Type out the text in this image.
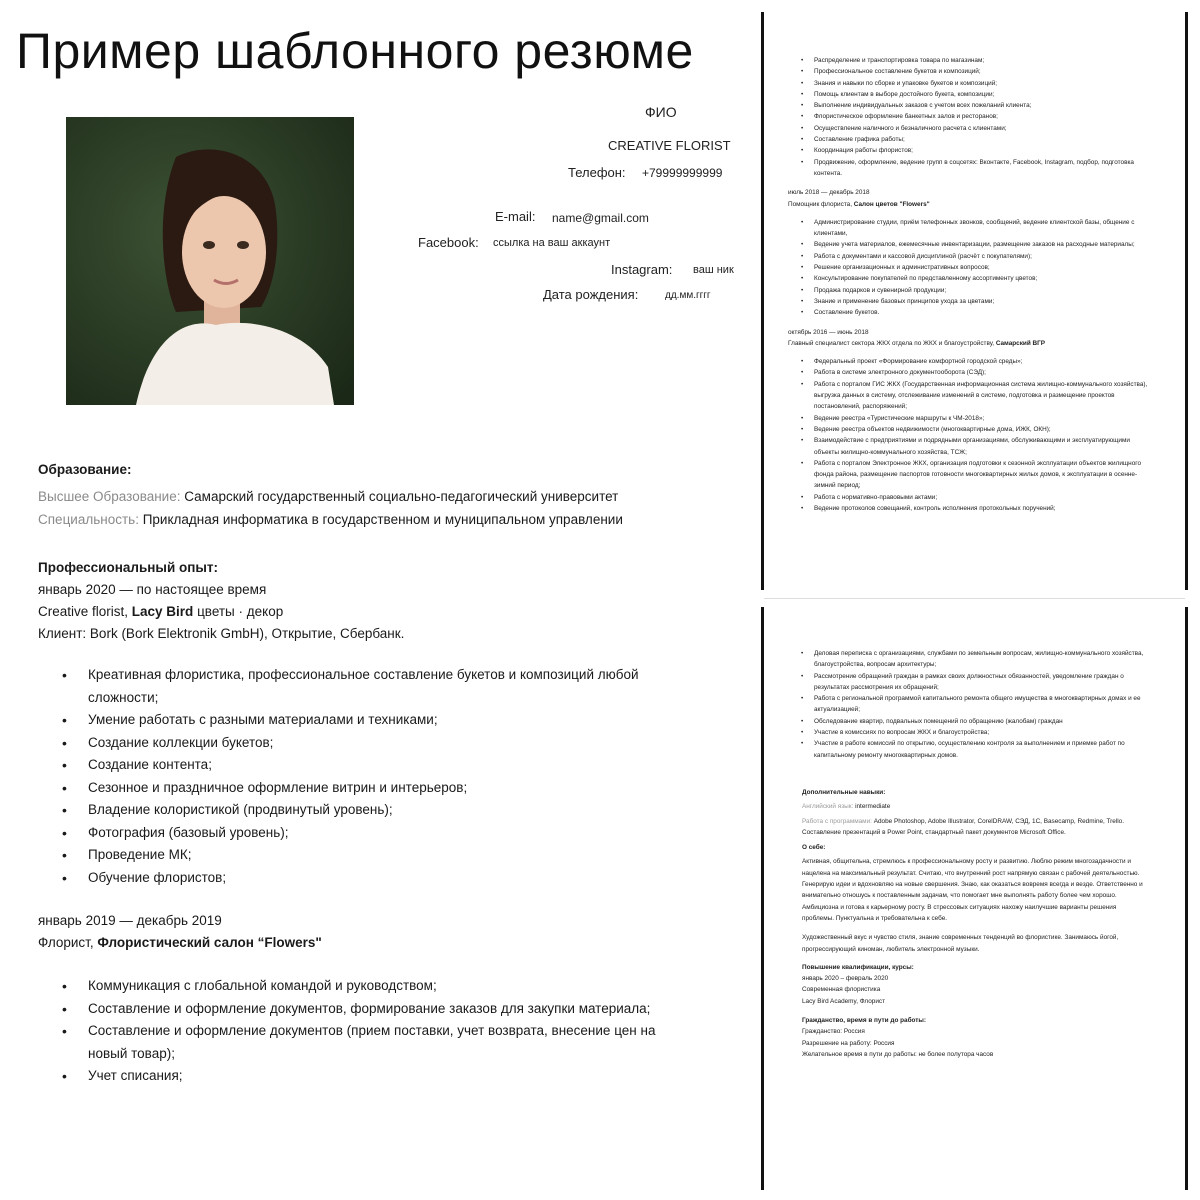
Пример шаблонного резюме
ФИО
CREATIVE FLORIST
Телефон: +79999999999
E-mail: name@gmail.com
Facebook: ссылка на ваш аккаунт
Instagram: ваш ник
Дата рождения:	дд.мм.гггг
Образование:
Высшее Образование: Самарский государственный социально-педагогический университет
Специальность: Прикладная информатика в государственном и муниципальном управлении
Профессиональный опыт:
январь 2020 — по настоящее время
Creative florist, Lacy Bird цветы · декор
Клиент: Bork (Bork Elektronik GmbH), Открытие, Сбербанк.
• Креативная флористика, профессиональное составление букетов и композиций любой сложности;
• Умение работать с разными материалами и техниками;
• Создание коллекции букетов;
• Создание контента;
• Сезонное и праздничное оформление витрин и интерьеров;
• Владение колористикой (продвинутый уровень);
• Фотография (базовый уровень);
• Проведение МК;
• Обучение флористов;
январь 2019 — декабрь 2019
Флорист, Флористический салон “Flowers"
• Коммуникация с глобальной командой и руководством;
• Составление и оформление документов, формирование заказов для закупки материала;
• Составление и оформление документов (прием поставки, учет возврата, внесение цен на новый товар);
• Учет списания;
• Распределение и транспортировка товара по магазинам;
• Профессиональное составление букетов и композиций;
• Знания и навыки по сборке и упаковке букетов и композиций;
• Помощь клиентам в выборе достойного букета, композиции;
• Выполнение индивидуальных заказов с учетом всех пожеланий клиента;
• Флористическое оформление банкетных залов и ресторанов;
• Осуществление наличного и безналичного расчета с клиентами;
• Составление графика работы;
• Координация работы флористов;
• Продвижение, оформление, ведение групп в соцсетях: Вконтакте, Facebook, Instagram, подбор, подготовка контента.

июль 2018 — декабрь 2018

Помощник флориста, Салон цветов "Flowers"

• Администрирование студии, приём телефонных звонков, сообщений, ведение клиентской базы, общение с клиентами,
• Ведение учета материалов, ежемесячные инвентаризации, размещение заказов на расходные материалы;
• Работа с документами и кассовой дисциплиной (расчёт с покупателями);
• Решение организационных и административных вопросов;
• Консультирование покупателей по представленному ассортименту цветов;
• Продажа подарков и сувенирной продукции;
• Знание и применение базовых принципов ухода за цветами;
• Составление букетов.

октябрь 2016 — июнь 2018

Главный специалист сектора ЖКХ отдела по ЖКХ и благоустройству, Самарский ВГР

• Федеральный проект «Формирование комфортной городской среды»;
• Работа в системе электронного документооборота (СЭД);
• Работа с порталом ГИС ЖКХ (Государственная информационная система жилищно-коммунального хозяйства), выгрузка данных в систему, отслеживание изменений в системе, подготовка и размещение проектов постановлений, распоряжений;
• Ведение реестра «Туристические маршруты к ЧМ-2018»;
• Ведение реестра объектов недвижимости (многоквартирные дома, ИЖК, ОКН);
• Взаимодействие с предприятиями и подрядными организациями, обслуживающими и эксплуатирующими объекты жилищно-коммунального хозяйства, ТСЖ;
• Работа с порталом Электронное ЖКХ, организация подготовки к сезонной эксплуатации объектов жилищного фонда района, размещение паспортов готовности многоквартирных жилых домов, к эксплуатации в осенне-зимний период;
• Работа с нормативно-правовыми актами;
• Ведение протоколов совещаний, контроль исполнения протокольных поручений;
• Деловая переписка с организациями, службами по земельным вопросам, жилищно-коммунального хозяйства, благоустройства, вопросам архитектуры;
• Рассмотрение обращений граждан в рамках своих должностных обязанностей, уведомление граждан о результатах рассмотрения их обращений;
• Работа с региональной программой капитального ремонта общего имущества в многоквартирных домах и ее актуализацией;
• Обследование квартир, подвальных помещений по обращению (жалобам) граждан
• Участие в комиссиях по вопросам ЖКХ и благоустройства;
• Участие в работе комиссий по открытию, осуществлению контроля за выполнением и приемке работ по капитальному ремонту многоквартирных домов.

Дополнительные навыки:

Английский язык: intermediate

Работа с программами: Adobe Photoshop, Adobe Illustrator, CorelDRAW, СЭД, 1C, Basecamp, Redmine, Trello. Составление презентаций в Power Point, стандартный пакет документов Microsoft Office.

О себе:

Активная, общительна, стремлюсь к профессиональному росту и развитию. Люблю режим многозадачности и нацелена на максимальный результат. Считаю, что внутренний рост напрямую связан с рабочей деятельностью. Генерирую идеи и вдохновляю на новые свершения. Знаю, как оказаться вовремя всегда и везде. Ответственно и внимательно отношусь к поставленным задачам, что помогает мне выполнять работу более чем хорошо. Амбициозна и готова к карьерному росту. В стрессовых ситуациях нахожу наилучшие варианты решения проблемы. Пунктуальна и требовательна к себе.

Художественный вкус и чувство стиля, знание современных тенденций во флористике. Занимаюсь йогой, прогрессирующий киноман, любитель электронной музыки.

Повышение квалификации, курсы:

январь 2020 – февраль 2020

Современная флористика

Lacy Bird Academy, Флорист

Гражданство, время в пути до работы:

Гражданство: Россия

Разрешение на работу: Россия

Желательное время в пути до работы: не более полутора часов
